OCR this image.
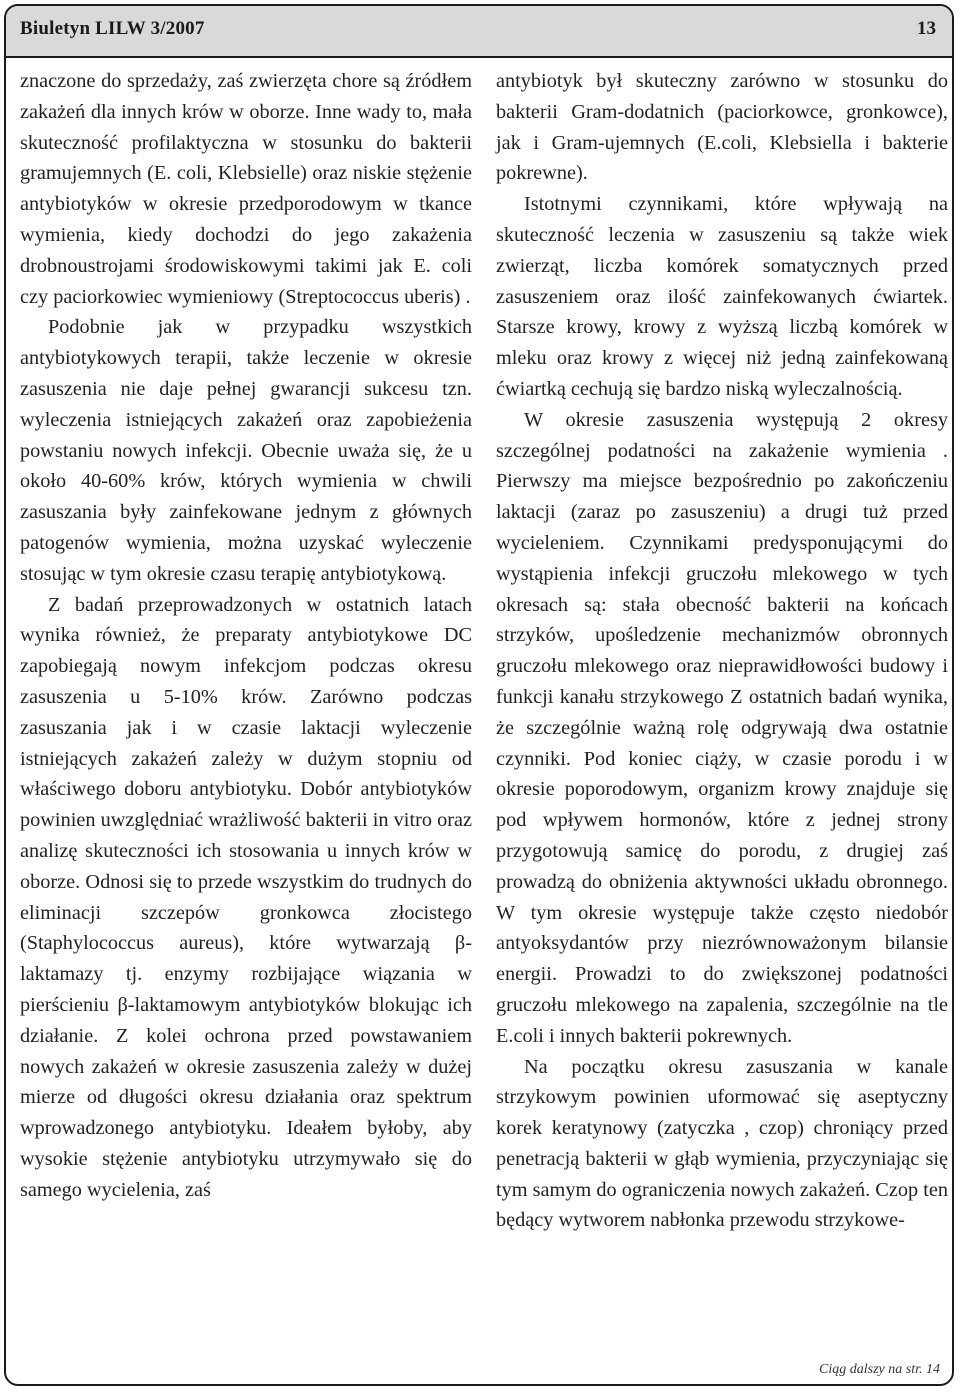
Biuletyn LILW 3/2007	13

znaczone do sprzedaży, zaś zwierzęta chore są źródłem zakażeń dla innych krów w oborze. Inne wady to, mała skuteczność profilaktyczna w stosunku do bakterii gramujemnych (E. coli, Klebsielle) oraz niskie stężenie antybiotyków w okresie przedporodowym w tkance wymienia, kiedy dochodzi do jego zakażenia drobnoustrojami środowiskowymi takimi jak E. coli czy paciorkowiec wymieniowy (Streptococcus uberis) .

Podobnie jak w przypadku wszystkich antybiotykowych terapii, także leczenie w okresie zasuszenia nie daje pełnej gwarancji sukcesu tzn. wyleczenia istniejących zakażeń oraz zapobieżenia powstaniu nowych infekcji. Obecnie uważa się, że u około 40-60% krów, których wymienia w chwili zasuszania były zainfekowane jednym z głównych patogenów wymienia, można uzyskać wyleczenie stosując w tym okresie czasu terapię antybiotykową.

Z badań przeprowadzonych w ostatnich latach wynika również, że preparaty antybiotykowe DC zapobiegają nowym infekcjom podczas okresu zasuszenia u 5-10% krów. Zarówno podczas zasuszania jak i w czasie laktacji wyleczenie istniejących zakażeń zależy w dużym stopniu od właściwego doboru antybiotyku. Dobór antybiotyków powinien uwzględniać wrażliwość bakterii in vitro oraz analizę skuteczności ich stosowania u innych krów w oborze. Odnosi się to przede wszystkim do trudnych do eliminacji szczepów gronkowca złocistego (Staphylococcus aureus), które wytwarzają β-laktamazy tj. enzymy rozbijające wiązania w pierścieniu β-laktamowym antybiotyków blokując ich działanie. Z kolei ochrona przed powstawaniem nowych zakażeń w okresie zasuszenia zależy w dużej mierze od długości okresu działania oraz spektrum wprowadzonego antybiotyku. Ideałem byłoby, aby wysokie stężenie antybiotyku utrzymywało się do samego wycielenia, zaś

antybiotyk był skuteczny zarówno w stosunku do bakterii Gram-dodatnich (paciorkowce, gronkowce), jak i Gram-ujemnych (E.coli, Klebsiella i bakterie pokrewne).

Istotnymi czynnikami, które wpływają na skuteczność leczenia w zasuszeniu są także wiek zwierząt, liczba komórek somatycznych przed zasuszeniem oraz ilość zainfekowanych ćwiartek. Starsze krowy, krowy z wyższą liczbą komórek w mleku oraz krowy z więcej niż jedną zainfekowaną ćwiartką cechują się bardzo niską wyleczalnością.

W okresie zasuszenia występują 2 okresy szczególnej podatności na zakażenie wymienia . Pierwszy ma miejsce bezpośrednio po zakończeniu laktacji (zaraz po zasuszeniu) a drugi tuż przed wycieleniem. Czynnikami predysponującymi do wystąpienia infekcji gruczołu mlekowego w tych okresach są: stała obecność bakterii na końcach strzyków, upośledzenie mechanizmów obronnych gruczołu mlekowego oraz nieprawidłowości budowy i funkcji kanału strzykowego Z ostatnich badań wynika, że szczególnie ważną rolę odgrywają dwa ostatnie czynniki. Pod koniec ciąży, w czasie porodu i w okresie poporodowym, organizm krowy znajduje się pod wpływem hormonów, które z jednej strony przygotowują samicę do porodu, z drugiej zaś prowadzą do obniżenia aktywności układu obronnego. W tym okresie występuje także często niedobór antyoksydantów przy niezrównoważonym bilansie energii. Prowadzi to do zwiększonej podatności gruczołu mlekowego na zapalenia, szczególnie na tle E.coli i innych bakterii pokrewnych.

Na początku okresu zasuszania w kanale strzykowym powinien uformować się aseptyczny korek keratynowy (zatyczka , czop) chroniący przed penetracją bakterii w głąb wymienia, przyczyniając się tym samym do ograniczenia nowych zakażeń. Czop ten będący wytworem nabłonka przewodu strzykowe-

Ciąg dalszy na str. 14
